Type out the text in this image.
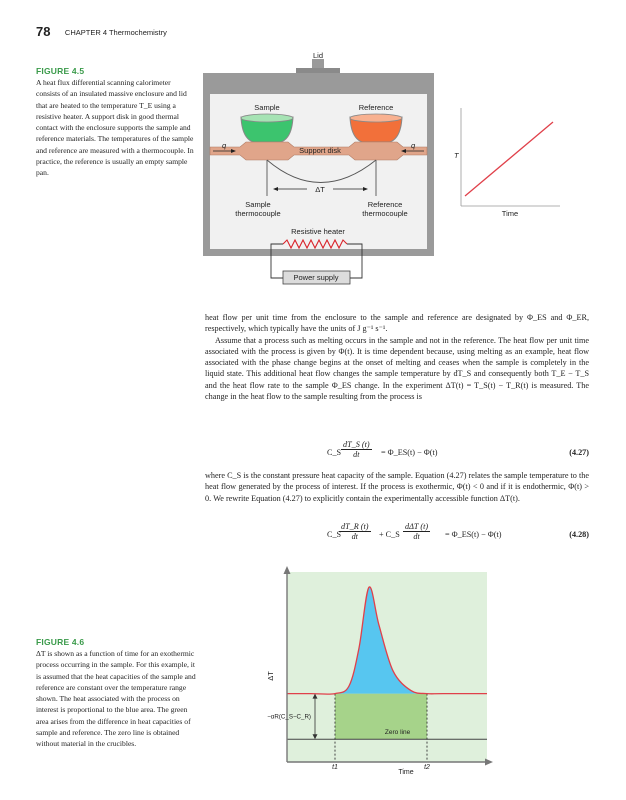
78 CHAPTER 4 Thermochemistry
FIGURE 4.5
A heat flux differential scanning calorimeter consists of an insulated massive enclosure and lid that are heated to the temperature T_E using a resistive heater. A support disk in good thermal contact with the enclosure supports the sample and reference materials. The temperatures of the sample and reference are measured with a thermocouple. In practice, the reference is usually an empty sample pan.
Lid
Sample	Reference
Support disk
q	q
ΔT
Sample
thermocouple
Reference
thermocouple
Resistive heater
Power supply
T
Time

heat flow per unit time from the enclosure to the sample and reference are designated by Φ_ES and Φ_ER, respectively, which typically have the units of J g⁻¹ s⁻¹.

Assume that a process such as melting occurs in the sample and not in the reference. The heat flow per unit time associated with the process is given by Φ(t). It is time dependent because, using melting as an example, heat flow associated with the phase change begins at the onset of melting and ceases when the sample is completely in the liquid state. This additional heat flow changes the sample temperature by dT_S and consequently both T_E − T_S and the heat flow rate to the sample Φ_ES change. In the experiment ΔT(t) = T_S(t) − T_R(t) is measured. The change in the heat flow to the sample resulting from the process is

C_S $\frac{dT\_S (t)}{dt}$ = Φ_ES(t) − Φ(t)	(4.27)

where C_S is the constant pressure heat capacity of the sample. Equation (4.27) relates the sample temperature to the heat flow generated by the process of interest. If the process is exothermic, Φ(t) < 0 and if it is endothermic, Φ(t) > 0. We rewrite Equation (4.27) to explicitly contain the experimentally accessible function ΔT(t).

C_S
$\frac{dT\_R (t)}{dt}$ + C_S
dΔT (t)
dt	= Φ_ES(t) − Φ(t)	(4.28)
FIGURE 4.6
ΔT is shown as a function of time for an exothermic process occurring in the sample. For this example, it is assumed that the heat capacities of the sample and reference are constant over the temperature range shown. The heat associated with the process on interest is proportional to the blue area. The green area arises from the difference in heat capacities of sample and reference. The zero line is obtained without material in the crucibles.
ΔT
Time
t1	t2
Zero line
−αR(C_S−C_R)
